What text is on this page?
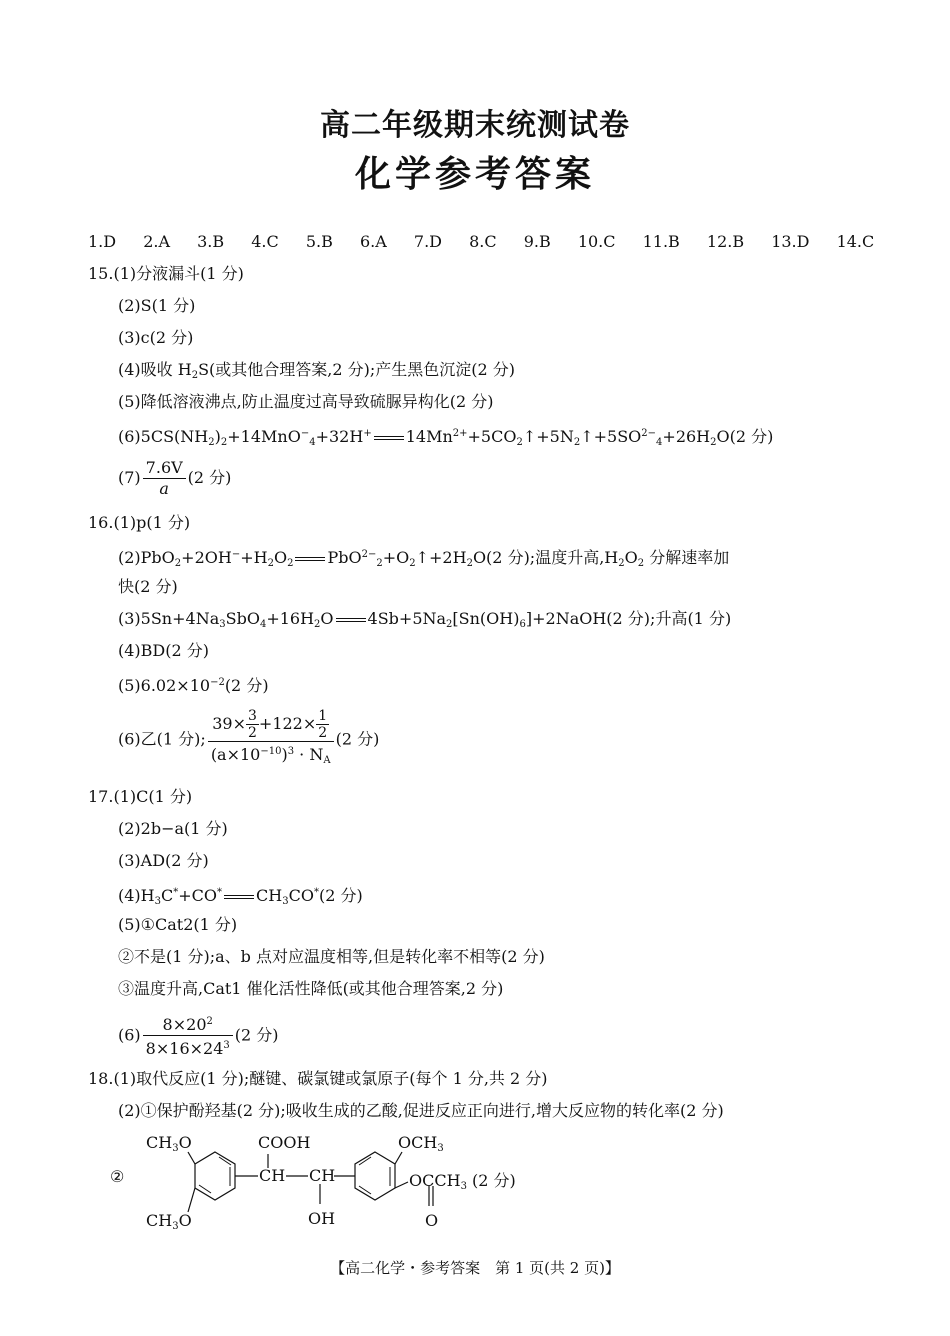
高二年级期末统测试卷
化学参考答案
1.D 2.A 3.B 4.C 5.B 6.A 7.D 8.C 9.B 10.C 11.B 12.B 13.D 14.C
15.(1)分液漏斗(1 分)
(2)S(1 分)
(3)c(2 分)
(4)吸收 $H_2S$(或其他合理答案,2 分);产生黑色沉淀(2 分)
(5)降低溶液沸点,防止温度过高导致硫脲异构化(2 分)
$(6)5CS(NH_2)_2+14MnO^-_4+32H^+$ $14Mn^{2+}+5CO_2↑+5N_2↑+5SO^{2-}_4+26H_2O(2$ 分)
$(7) \frac{7.6V}{a} (2$ 分)
16.(1)p(1 分)
$(2)PbO_2+2OH^-+H_2O_2$ $PbO^{2-}_2+O_2↑+2H_2O(2$ 分);温度升高$,H_2O_2$ 分解速率加
快(2 分)
$(3)5Sn+4Na_3SbO_4+16H_2O$ $4Sb+5Na_2[Sn(OH)_6]+2NaOH(2$ 分);升高(1 分)
(4)BD(2 分)
$(5)6.02\times 10^{-2}(2$ 分)
(6)乙(1 分); $\frac{39\times \frac{3}{2} +122\times \frac{1}{2}}{(a\times 10^{-10})^3 \cdot N_A} (2$ 分)
17.(1)C(1 分)
(2)2b−a(1 分)
(3)AD(2 分)
$(4)H_3C^*+CO^*$ $CH_3CO^*(2$ 分)
(5)①Cat2(1 分)
②不是(1 分);a、b 点对应温度相等,但是转化率不相等(2 分)
③温度升高,Cat1 催化活性降低(或其他合理答案,2 分)
$(6) \frac{8\times 20^2}{8\times 16\times 24^3} (2$ 分)
18.(1)取代反应(1 分);醚键、碳氯键或氯原子(每个 1 分,共 2 分)
(2)①保护酚羟基(2 分);吸收生成的乙酸,促进反应正向进行,增大反应物的转化率(2 分)
②
$CH_3O$
$CH_3O$
COOH
CH CH
OH
$OCH_3$
$OCCH_3$ (2 分)
O
【高二化学・参考答案　第 1 页(共 2 页)】
